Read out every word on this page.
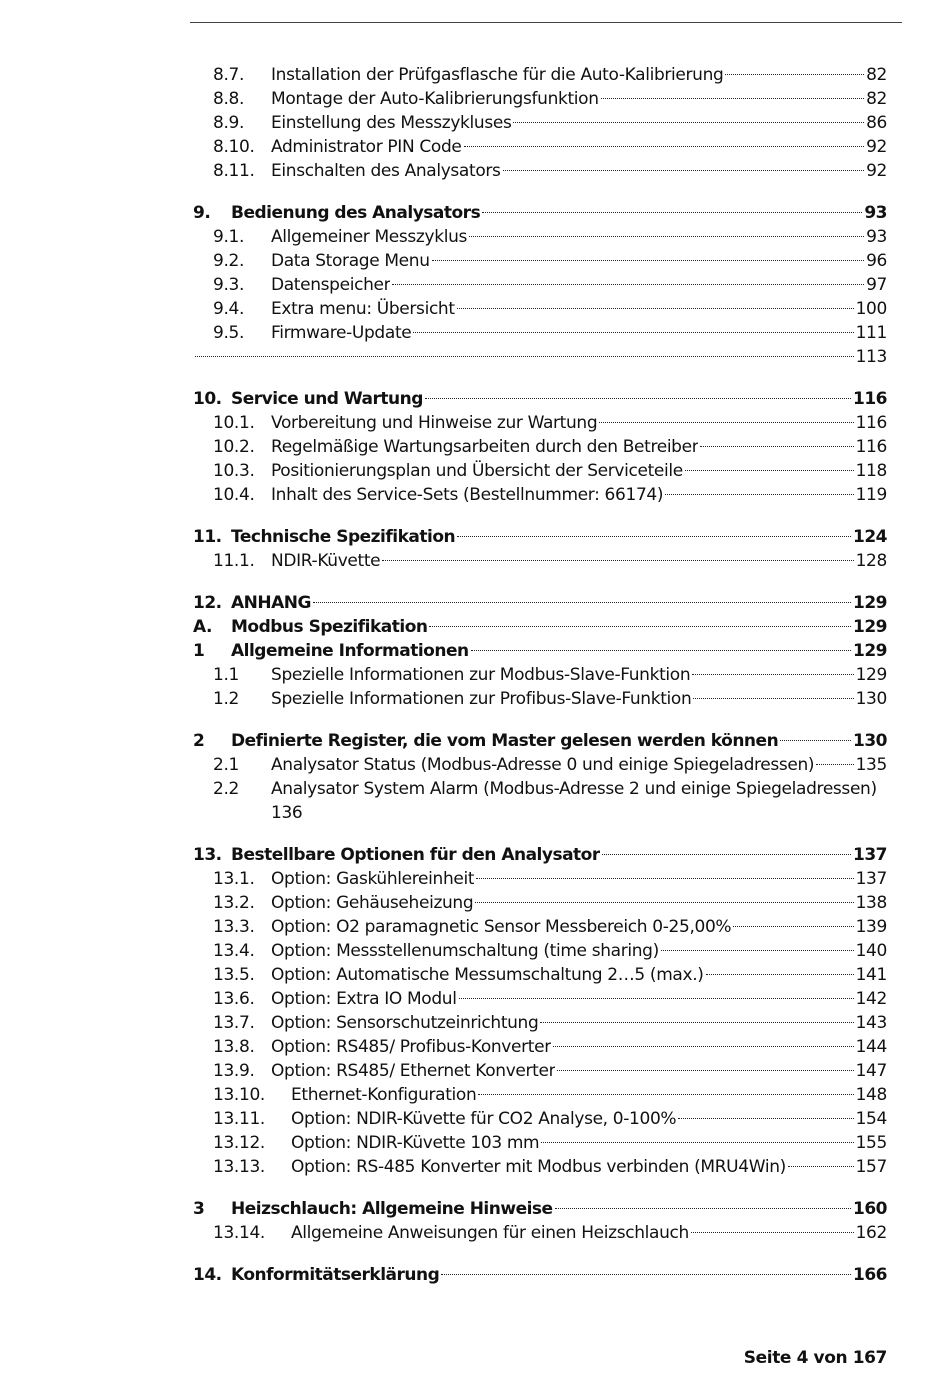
8.7.	Installation der Prüfgasflasche für die Auto-Kalibrierung	82
8.8.	Montage der Auto-Kalibrierungsfunktion	82
8.9.	Einstellung des Messzykluses	86
8.10. Administrator PIN Code	92
8.11. Einschalten des Analysators	92
9.	Bedienung des Analysators	93
9.1.	Allgemeiner Messzyklus	93
9.2.	Data Storage Menu	96
9.3.	Datenspeicher	97
9.4.	Extra menu: Übersicht	100
9.5.	Firmware-Update	111
113
10. Service und Wartung	116
10.1. Vorbereitung und Hinweise zur Wartung	116
10.2. Regelmäßige Wartungsarbeiten durch den Betreiber	116
10.3. Positionierungsplan und Übersicht der Serviceteile	118
10.4. Inhalt des Service-Sets (Bestellnummer: 66174)	119
11. Technische Spezifikation	124
11.1. NDIR-Küvette	128
12. ANHANG	129
A.	Modbus Spezifikation	129
1	Allgemeine Informationen	129
1.1	Spezielle Informationen zur Modbus-Slave-Funktion	129
1.2	Spezielle Informationen zur Profibus-Slave-Funktion	130
2	Definierte Register, die vom Master gelesen werden können	130
2.1	Analysator Status (Modbus-Adresse 0 und einige Spiegeladressen) 135
2.2	Analysator System Alarm (Modbus-Adresse 2 und einige Spiegeladressen) 136
13. Bestellbare Optionen für den Analysator	137
13.1. Option: Gaskühlereinheit	137
13.2. Option: Gehäuseheizung	138
13.3. Option: O2 paramagnetic Sensor Messbereich 0-25,00%	139
13.4. Option: Messstellenumschaltung (time sharing)	140
13.5. Option: Automatische Messumschaltung 2…5 (max.)	141
13.6. Option: Extra IO Modul	142
13.7. Option: Sensorschutzeinrichtung	143
13.8. Option: RS485/ Profibus-Konverter	144
13.9. Option: RS485/ Ethernet Konverter	147
13.10.	Ethernet-Konfiguration	148
13.11.	Option: NDIR-Küvette für CO2 Analyse, 0-100%	154
13.12.	Option: NDIR-Küvette 103 mm	155
13.13.	Option: RS-485 Konverter mit Modbus verbinden (MRU4Win)	157
3	Heizschlauch: Allgemeine Hinweise	160
13.14.	Allgemeine Anweisungen für einen Heizschlauch	162
14. Konformitätserklärung	166
Seite 4 von 167
